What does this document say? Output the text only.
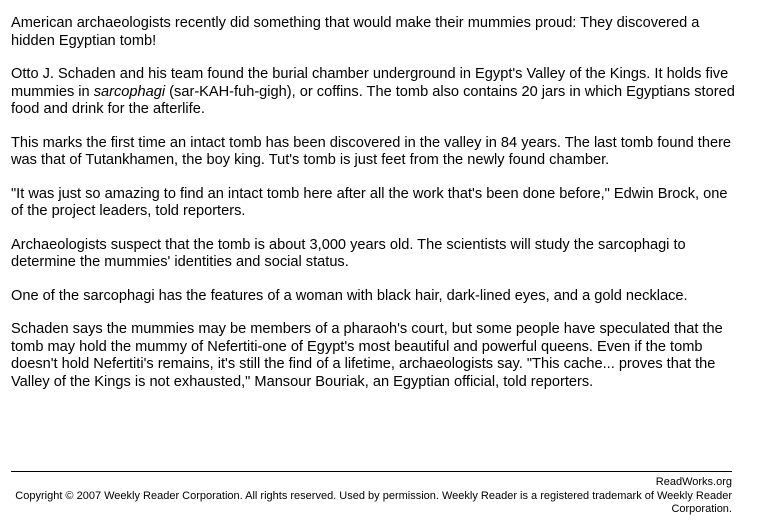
American archaeologists recently did something that would make their mummies proud: They discovered a hidden Egyptian tomb!

Otto J. Schaden and his team found the burial chamber underground in Egypt's Valley of the Kings. It holds five mummies in sarcophagi (sar-KAH-fuh-gigh), or coffins. The tomb also contains 20 jars in which Egyptians stored food and drink for the afterlife.

This marks the first time an intact tomb has been discovered in the valley in 84 years. The last tomb found there was that of Tutankhamen, the boy king. Tut's tomb is just feet from the newly found chamber.

"It was just so amazing to find an intact tomb here after all the work that's been done before," Edwin Brock, one of the project leaders, told reporters.

Archaeologists suspect that the tomb is about 3,000 years old. The scientists will study the sarcophagi to determine the mummies' identities and social status.

One of the sarcophagi has the features of a woman with black hair, dark-lined eyes, and a gold necklace.

Schaden says the mummies may be members of a pharaoh's court, but some people have speculated that the tomb may hold the mummy of Nefertiti-one of Egypt's most beautiful and powerful queens. Even if the tomb doesn't hold Nefertiti's remains, it's still the find of a lifetime, archaeologists say. "This cache... proves that the Valley of the Kings is not exhausted," Mansour Bouriak, an Egyptian official, told reporters.

ReadWorks.org
Copyright © 2007 Weekly Reader Corporation. All rights reserved. Used by permission. Weekly Reader is a registered trademark of Weekly Reader Corporation.
